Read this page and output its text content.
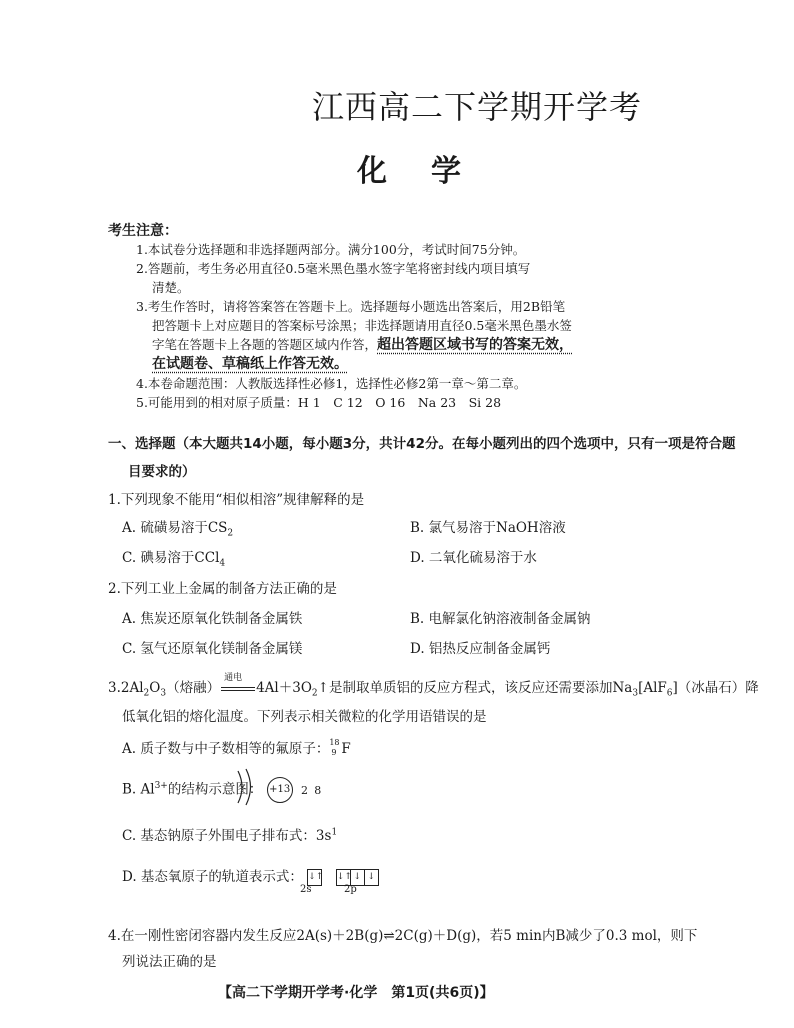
江西高二下学期开学考
化学
考生注意：
1.本试卷分选择题和非选择题两部分。满分100分，考试时间75分钟。
2.答题前，考生务必用直径0.5毫米黑色墨水签字笔将密封线内项目填写
清楚。
3.考生作答时，请将答案答在答题卡上。选择题每小题选出答案后，用2B铅笔
把答题卡上对应题目的答案标号涂黑；非选择题请用直径0.5毫米黑色墨水签
字笔在答题卡上各题的答题区域内作答，超出答题区域书写的答案无效，
在试题卷、草稿纸上作答无效。
4.本卷命题范围：人教版选择性必修1，选择性必修2第一章～第二章。
5.可能用到的相对原子质量：H 1　C 12　O 16　Na 23　Si 28
一、选择题（本大题共14小题，每小题3分，共计42分。在每小题列出的四个选项中，只有一项是符合题
目要求的）
1.下列现象不能用“相似相溶”规律解释的是
A. 硫磺易溶于$CS_2$	B. 氯气易溶于NaOH溶液
C. 碘易溶于CCl$_4$	D. 二氧化硫易溶于水
2.下列工业上金属的制备方法正确的是
A. 焦炭还原氧化铁制备金属铁	B. 电解氯化钠溶液制备金属钠
C. 氢气还原氧化镁制备金属镁	D. 铝热反应制备金属钙
$3.2Al_2O_3$（熔融）
通电
$4Al+3O_2↑$是制取单质铝的反应方程式，该反应还需要添加$Na_3[AlF_6]$（冰晶石）降
低氧化铝的熔化温度。下列表示相关微粒的化学用语错误的是
A. 质子数与中子数相等的氟原子： 18
9 F
B. $Al^{3+}$的结构示意图： +13 2 8
C. 基态钠原子外围电子排布式：$3s^1$
D. 基态氧原子的轨道表示式： ↓↑ ↓↑ ↓ ↓
2s	2p
4.在一刚性密闭容器内发生反应2A(s)＋2B(g)⇌2C(g)＋D(g)，若5 min内B减少了0.3 mol，则下
列说法正确的是
【高二下学期开学考·化学　第1页(共6页)】
